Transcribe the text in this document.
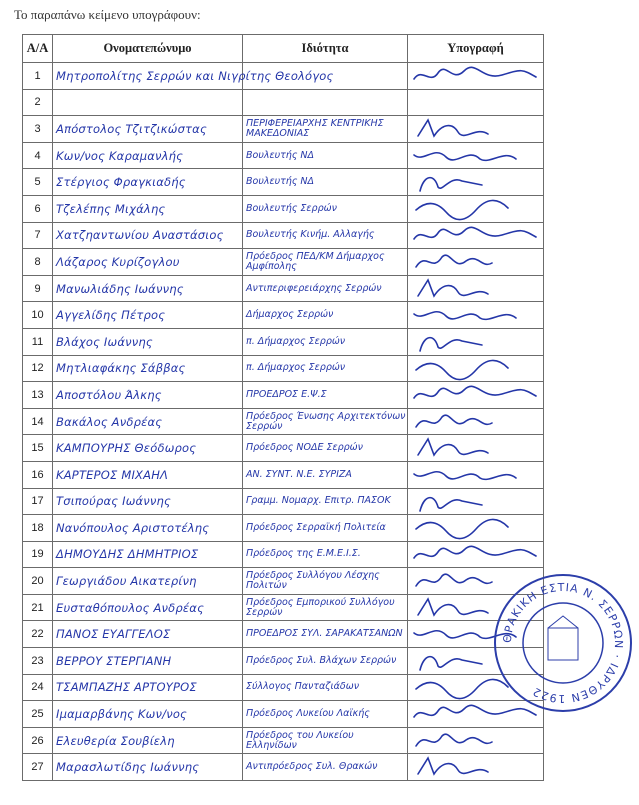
Το παραπάνω κείμενο υπογράφουν:
Α/Α	Ονοματεπώνυμο	Ιδιότητα	Υπογραφή
1	Μητροπολίτης Σερρών και Νιγρίτης Θεολόγος		

2			
3	Απόστολος Τζιτζικώστας	ΠΕΡΙΦΕΡΕΙΑΡΧΗΣ ΚΕΝΤΡΙΚΗΣ ΜΑΚΕΔΟΝΙΑΣ	

4	Κων/νος Καραμανλής	Βουλευτής ΝΔ	

5	Στέργιος Φραγκιαδής	Βουλευτής ΝΔ	

6	Τζελέπης Μιχάλης	Βουλευτής Σερρών	

7	Χατζηαντωνίου Αναστάσιος	Βουλευτής Κινήμ. Αλλαγής	

8	Λάζαρος Κυρίζογλου	Πρόεδρος ΠΕΔ/ΚΜ Δήμαρχος Αμφίπολης	

9	Μανωλιάδης Ιωάννης	Αντιπεριφερειάρχης Σερρών	

10	Αγγελίδης Πέτρος	Δήμαρχος Σερρών	

11	Βλάχος Ιωάννης	π. Δήμαρχος Σερρών	

12	Μητλιαφάκης Σάββας	π. Δήμαρχος Σερρών	

13	Αποστόλου Άλκης	ΠΡΟΕΔΡΟΣ Ε.Ψ.Σ	

14	Βακάλος Ανδρέας	Πρόεδρος Ένωσης Αρχιτεκτόνων Σερρών	

15	ΚΑΜΠΟΥΡΗΣ Θεόδωρος	Πρόεδρος ΝΟΔΕ Σερρών	

16	ΚΑΡΤΕΡΟΣ ΜΙΧΑΗΛ	ΑΝ. ΣΥΝΤ. Ν.Ε. ΣΥΡΙΖΑ	

17	Τσιπούρας Ιωάννης	Γραμμ. Νομαρχ. Επιτρ. ΠΑΣΟΚ	

18	Νανόπουλος Αριστοτέλης	Πρόεδρος Σερραϊκή Πολιτεία	

19	ΔΗΜΟΥΔΗΣ ΔΗΜΗΤΡΙΟΣ	Πρόεδρος της Ε.Μ.Ε.Ι.Σ.	

20	Γεωργιάδου Αικατερίνη	Πρόεδρος Συλλόγου Λέσχης Πολιτών	

21	Ευσταθόπουλος Ανδρέας	Πρόεδρος Εμπορικού Συλλόγου Σερρών	

22	ΠΑΝΟΣ ΕΥΑΓΓΕΛΟΣ	ΠΡΟΕΔΡΟΣ ΣΥΛ. ΣΑΡΑΚΑΤΣΑΝΩΝ	

23	ΒΕΡΡΟΥ ΣΤΕΡΓΙΑΝΗ	Πρόεδρος Συλ. Βλάχων Σερρών	

24	ΤΣΑΜΠΑΖΗΣ ΑΡΤΟΥΡΟΣ	Σύλλογος Πανταζιάδων	

25	Ιμαμαρβάνης Κων/νος	Πρόεδρος Λυκείου Λαϊκής	

26	Ελευθερία Σουβίελη	Πρόεδρος του Λυκείου Ελληνίδων	

27	Μαρασλωτίδης Ιωάννης	Αντιπρόεδρος Συλ. Θρακών	
ΘΡΑΚΙΚΗ ΕΣΤΙΑ Ν. ΣΕΡΡΩΝ · ΙΔΡΥΘΕΝ 1922
